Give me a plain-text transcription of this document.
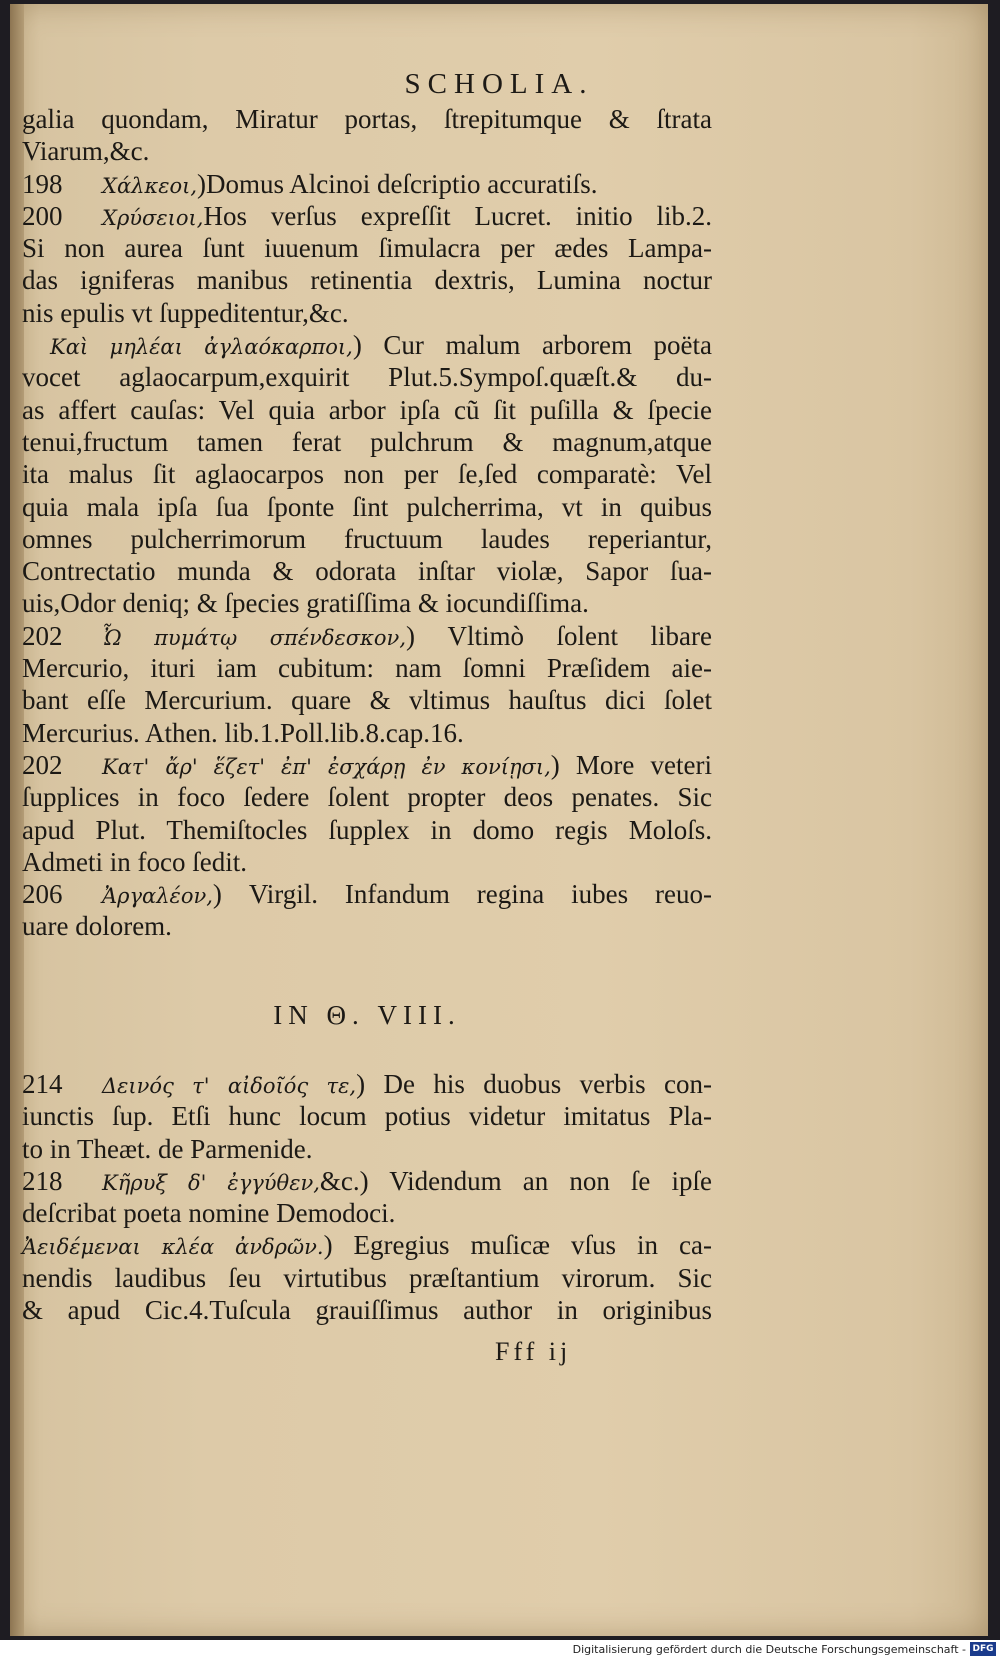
SCHOLIA.
galia quondam, Miratur portas, ſtrepitumque & ſtrata
Viarum,&c.
198 Χάλκεοι,)Domus Alcinoi deſcriptio accuratiſs.
200 Χρύσειοι,Hos verſus expreſſit Lucret. initio lib.2.
Si non aurea ſunt iuuenum ſimulacra per ædes Lampa-
das igniferas manibus retinentia dextris, Lumina noctur
nis epulis vt ſuppeditentur,&c.
Καὶ μηλέαι ἀγλαόκαρποι,) Cur malum arborem poëta
vocet aglaocarpum,exquirit Plut.5.Sympoſ.quæſt.& du-
as affert cauſas: Vel quia arbor ipſa cũ ſit puſilla & ſpecie
tenui,fructum tamen ferat pulchrum & magnum,atque
ita malus ſit aglaocarpos non per ſe,ſed comparatè: Vel
quia mala ipſa ſua ſponte ſint pulcherrima, vt in quibus
omnes pulcherrimorum fructuum laudes reperiantur,
Contrectatio munda & odorata inſtar violæ, Sapor ſua-
uis,Odor deniq; & ſpecies gratiſſima & iocundiſſima.
202 Ὦ πυμάτῳ σπένδεσκον,) Vltimò ſolent libare
Mercurio, ituri iam cubitum: nam ſomni Præſidem aie-
bant eſſe Mercurium. quare & vltimus hauſtus dici ſolet
Mercurius. Athen. lib.1.Poll.lib.8.cap.16.
202 Κατ' ἄρ' ἕζετ' ἐπ' ἐσχάρῃ ἐν κονίῃσι,) More veteri
ſupplices in foco ſedere ſolent propter deos penates. Sic
apud Plut. Themiſtocles ſupplex in domo regis Moloſs.
Admeti in foco ſedit.
206 Ἀργαλέον,) Virgil. Infandum regina iubes reuo-
uare dolorem.
IN Θ. VIII.
214 Δεινός τ' αἰδοῖός τε,) De his duobus verbis con-
iunctis ſup. Etſi hunc locum potius videtur imitatus Pla-
to in Theæt. de Parmenide.
218 Κῆρυξ δ' ἐγγύθεν,&c.) Videndum an non ſe ipſe
deſcribat poeta nomine Demodoci.
Ἀειδέμεναι κλέα ἀνδρῶν.) Egregius muſicæ vſus in ca-
nendis laudibus ſeu virtutibus præſtantium virorum. Sic
& apud Cic.4.Tuſcula grauiſſimus author in originibus
Fff ij
Digitalisierung gefördert durch die Deutsche Forschungsgemeinschaft - DFG
